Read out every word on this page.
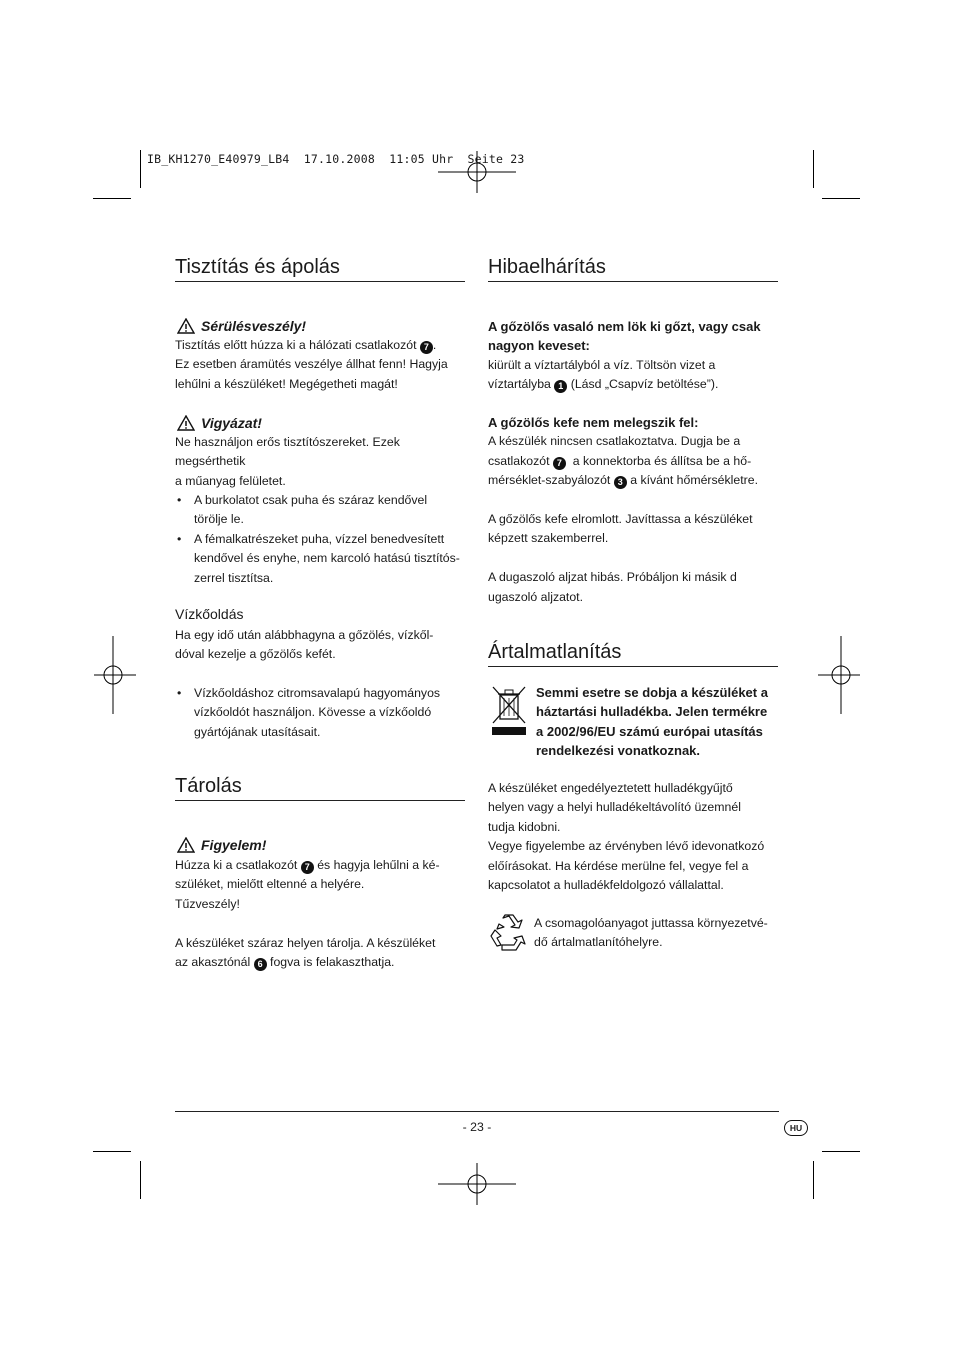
IB_KH1270_E40979_LB4  17.10.2008  11:05 Uhr  Seite 23
Tisztítás és ápolás
Sérülésveszély!
Tisztítás előtt húzza ki a hálózati csatlakozót 7 .
Ez esetben áramütés veszélye állhat fenn! Hagyja
lehűlni a készüléket! Megégetheti magát!
Vigyázat!
Ne használjon erős tisztítószereket. Ezek megsérthetik
a műanyag felületet.
• A burkolatot csak puha és száraz kendővel
törölje le.
• A fémalkatrészeket puha, vízzel benedvesített
kendővel és enyhe, nem karcoló hatású tisztítós-
zerrel tisztítsa.
Vízkőoldás
Ha egy idő után alábbhagyna a gőzölés, vízkől-
dóval kezelje a gőzölős kefét.
• Vízkőoldáshoz citromsavalapú hagyományos
vízkőoldót használjon. Kövesse a vízkőoldó
gyártójának utasításait.
Tárolás
Figyelem!
Húzza ki a csatlakozót 7 és hagyja lehűlni a ké-
szüléket, mielőtt eltenné a helyére.
Tűzveszély!
A készüléket száraz helyen tárolja. A készüléket
az akasztónál 6 fogva is felakaszthatja.
Hibaelhárítás
A gőzölős vasaló nem lök ki gőzt, vagy csak
nagyon keveset:
kiürült a víztartályból a víz. Töltsön vizet a
víztartályba 1 (Lásd „Csapvíz betöltése”).
A gőzölős kefe nem melegszik fel:
A készülék nincsen csatlakoztatva. Dugja be a
csatlakozót 7 a konnektorba és állítsa be a hő-
mérséklet-szabyálozót 3 a kívánt hőmérsékletre.
A gőzölős kefe elromlott. Javíttassa a készüléket
képzett szakemberrel.
A dugaszoló aljzat hibás. Próbáljon ki másik d
ugaszoló aljzatot.
Ártalmatlanítás
Semmi esetre se dobja a készüléket a
háztartási hulladékba. Jelen termékre
a 2002/96/EU számú európai utasítás
rendelkezési vonatkoznak.
A készüléket engedélyeztetett hulladékgyűjtő
helyen vagy a helyi hulladékeltávolító üzemnél
tudja kidobni.
Vegye figyelembe az érvényben lévő idevonatkozó
előírásokat. Ha kérdése merülne fel, vegye fel a
kapcsolatot a hulladékfeldolgozó vállalattal.
A csomagolóanyagot juttassa környezetvé-
dő ártalmatlanítóhelyre.
- 23 -	HU
